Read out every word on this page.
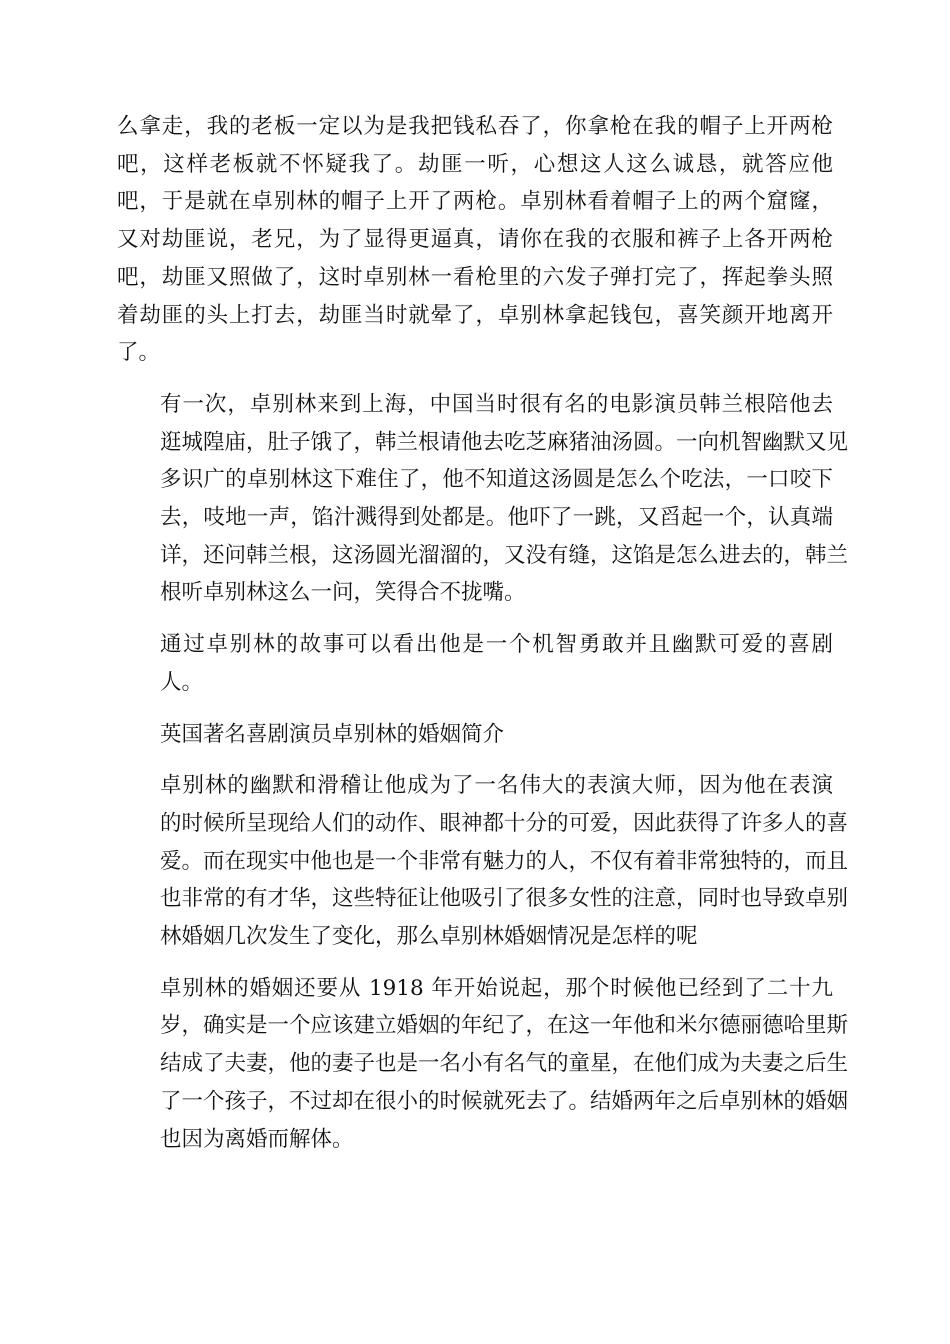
么拿走，我的老板一定以为是我把钱私吞了，你拿枪在我的帽子上开两枪
吧，这样老板就不怀疑我了。劫匪一听，心想这人这么诚恳，就答应他
吧，于是就在卓别林的帽子上开了两枪。卓别林看着帽子上的两个窟窿，
又对劫匪说，老兄，为了显得更逼真，请你在我的衣服和裤子上各开两枪
吧，劫匪又照做了，这时卓别林一看枪里的六发子弹打完了，挥起拳头照
着劫匪的头上打去，劫匪当时就晕了，卓别林拿起钱包，喜笑颜开地离开
了。

有一次，卓别林来到上海，中国当时很有名的电影演员韩兰根陪他去
逛城隍庙，肚子饿了，韩兰根请他去吃芝麻猪油汤圆。一向机智幽默又见
多识广的卓别林这下难住了，他不知道这汤圆是怎么个吃法，一口咬下
去，吱地一声，馅汁溅得到处都是。他吓了一跳，又舀起一个，认真端
详，还问韩兰根，这汤圆光溜溜的，又没有缝，这馅是怎么进去的，韩兰
根听卓别林这么一问，笑得合不拢嘴。

通过卓别林的故事可以看出他是一个机智勇敢并且幽默可爱的喜剧
人。

英国著名喜剧演员卓别林的婚姻简介

卓别林的幽默和滑稽让他成为了一名伟大的表演大师，因为他在表演
的时候所呈现给人们的动作、眼神都十分的可爱，因此获得了许多人的喜
爱。而在现实中他也是一个非常有魅力的人，不仅有着非常独特的，而且
也非常的有才华，这些特征让他吸引了很多女性的注意，同时也导致卓别
林婚姻几次发生了变化，那么卓别林婚姻情况是怎样的呢

卓别林的婚姻还要从 1918 年开始说起，那个时候他已经到了二十九
岁，确实是一个应该建立婚姻的年纪了，在这一年他和米尔德丽德哈里斯
结成了夫妻，他的妻子也是一名小有名气的童星，在他们成为夫妻之后生
了一个孩子，不过却在很小的时候就死去了。结婚两年之后卓别林的婚姻
也因为离婚而解体。
